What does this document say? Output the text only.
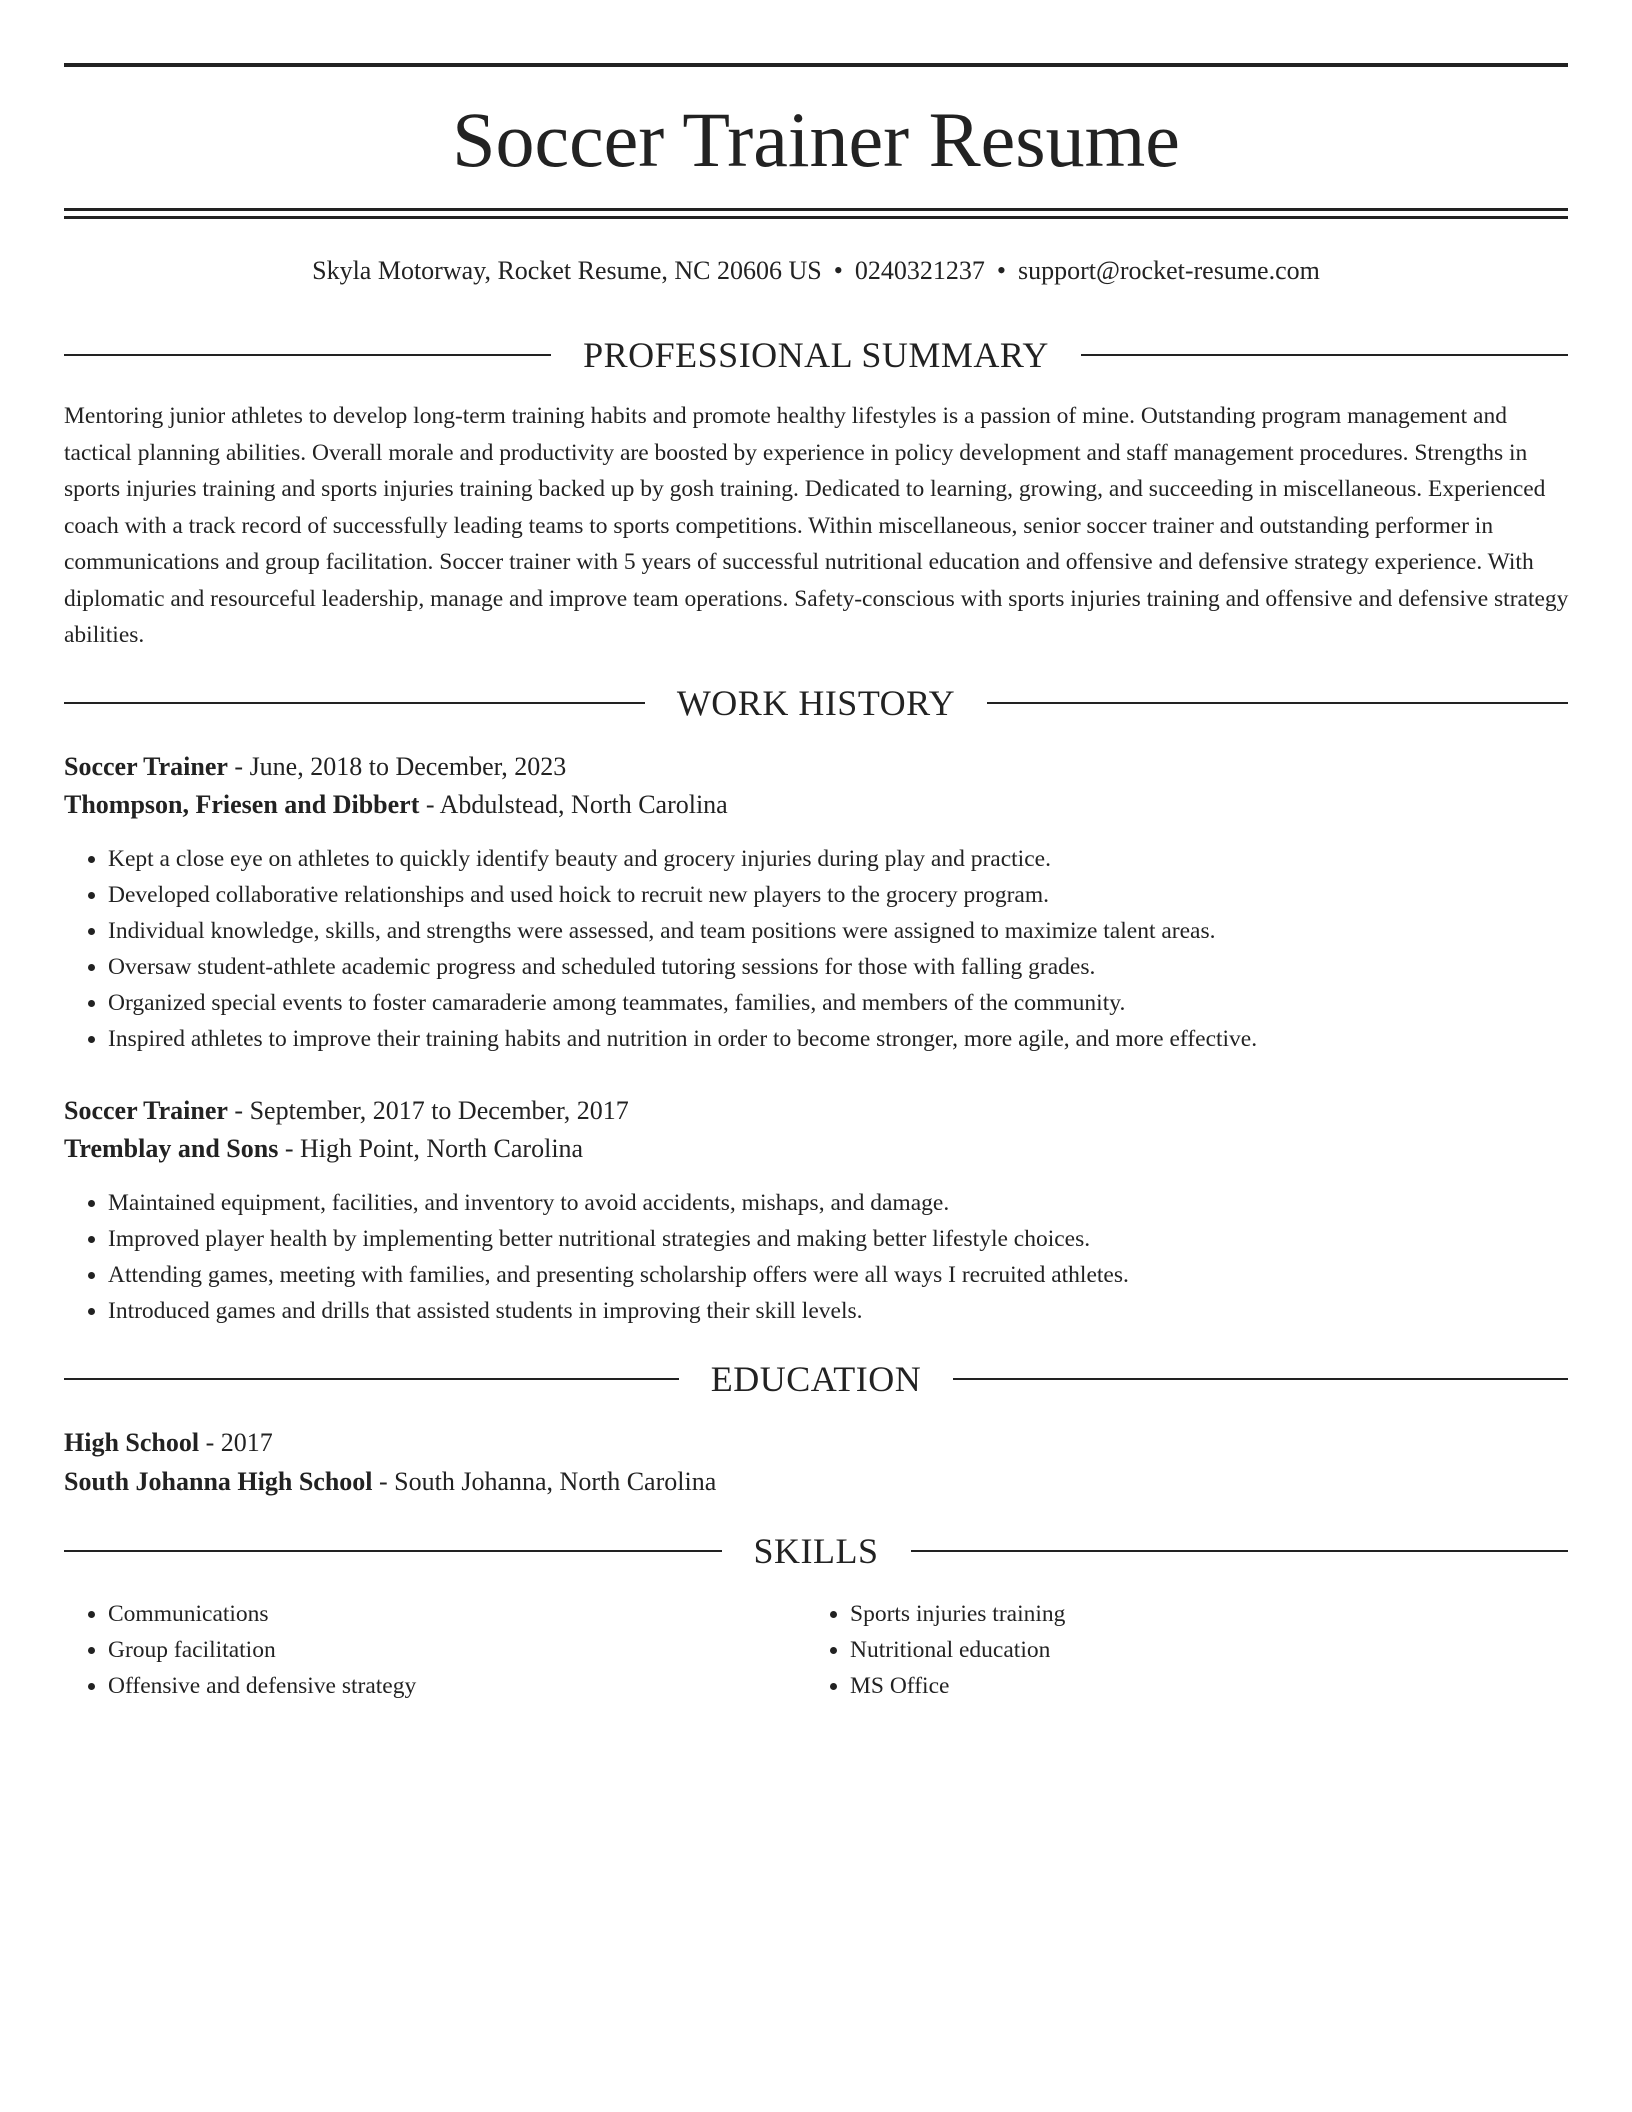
Soccer Trainer Resume
Skyla Motorway, Rocket Resume, NC 20606 US • 0240321237 • support@rocket-resume.com
PROFESSIONAL SUMMARY

Mentoring junior athletes to develop long-term training habits and promote healthy lifestyles is a passion of mine. Outstanding program management and tactical planning abilities. Overall morale and productivity are boosted by experience in policy development and staff management procedures. Strengths in sports injuries training and sports injuries training backed up by gosh training. Dedicated to learning, growing, and succeeding in miscellaneous. Experienced coach with a track record of successfully leading teams to sports competitions. Within miscellaneous, senior soccer trainer and outstanding performer in communications and group facilitation. Soccer trainer with 5 years of successful nutritional education and offensive and defensive strategy experience. With diplomatic and resourceful leadership, manage and improve team operations. Safety-conscious with sports injuries training and offensive and defensive strategy abilities.

WORK HISTORY
Soccer Trainer - June, 2018 to December, 2023
Thompson, Friesen and Dibbert - Abdulstead, North Carolina
• Kept a close eye on athletes to quickly identify beauty and grocery injuries during play and practice.
• Developed collaborative relationships and used hoick to recruit new players to the grocery program.
• Individual knowledge, skills, and strengths were assessed, and team positions were assigned to maximize talent areas.
• Oversaw student-athlete academic progress and scheduled tutoring sessions for those with falling grades.
• Organized special events to foster camaraderie among teammates, families, and members of the community.
• Inspired athletes to improve their training habits and nutrition in order to become stronger, more agile, and more effective.
Soccer Trainer - September, 2017 to December, 2017
Tremblay and Sons - High Point, North Carolina
• Maintained equipment, facilities, and inventory to avoid accidents, mishaps, and damage.
• Improved player health by implementing better nutritional strategies and making better lifestyle choices.
• Attending games, meeting with families, and presenting scholarship offers were all ways I recruited athletes.
• Introduced games and drills that assisted students in improving their skill levels.
EDUCATION
High School - 2017
South Johanna High School - South Johanna, North Carolina
SKILLS
• Communications
• Group facilitation
• Offensive and defensive strategy
• Sports injuries training
• Nutritional education
• MS Office
